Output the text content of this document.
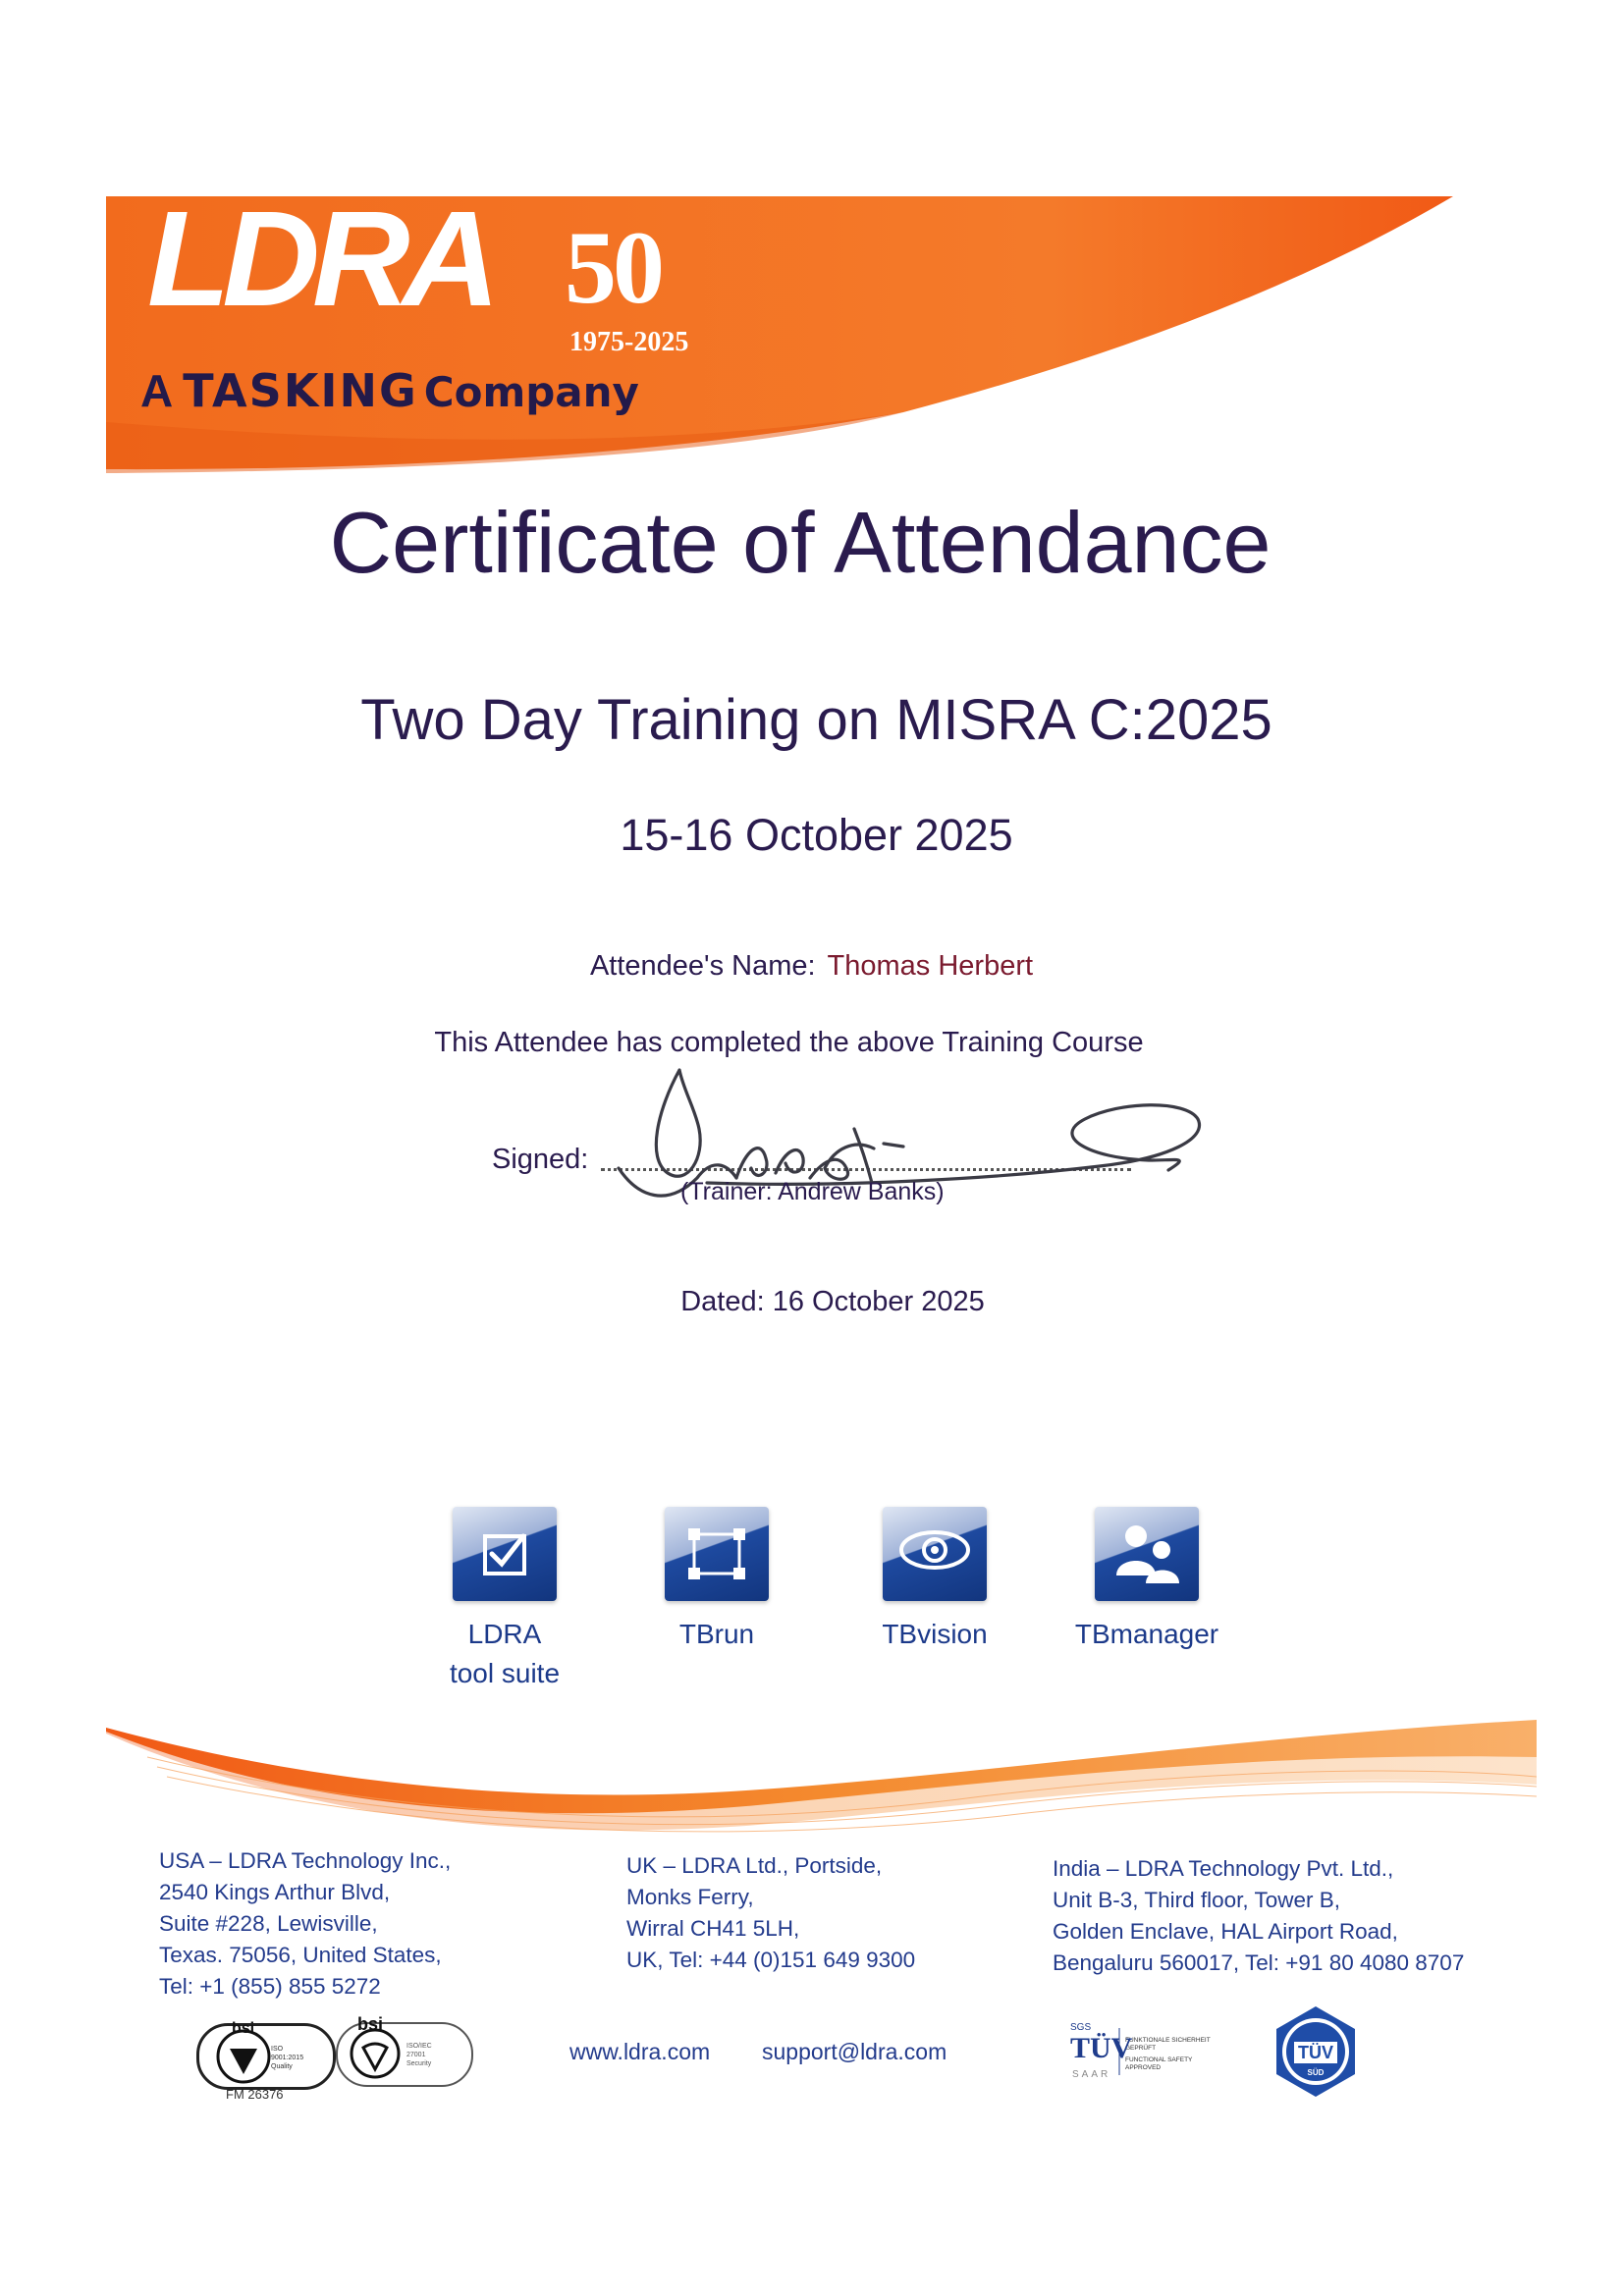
LDRA 50
1975-2025
A TASKING Company
Certificate of Attendance
Two Day Training on MISRA C:2025
15-16 October 2025
Attendee's Name: Thomas Herbert
This Attendee has completed the above Training Course
Signed:
(Trainer: Andrew Banks)
Dated: 16 October 2025
LDRA
tool suite
TBrun	TBvision	TBmanager
USA – LDRA Technology Inc.,
2540 Kings Arthur Blvd,
Suite #228, Lewisville,
Texas. 75056, United States,
Tel: +1 (855) 855 5272
UK – LDRA Ltd., Portside,
Monks Ferry,
Wirral CH41 5LH,
UK, Tel: +44 (0)151 649 9300
India – LDRA Technology Pvt. Ltd.,
Unit B-3, Third floor, Tower B,
Golden Enclave, HAL Airport Road,
Bengaluru 560017, Tel: +91 80 4080 8707
www.ldra.com support@ldra.com
bsi
ISO
9001:2015
Quality
FM 26376
bsi
ISO/IEC
27001
Security
SGS
SAAR
FUNKTIONALE SICHERHEIT
GEPRÜFT
FUNCTIONAL SAFETY
APPROVED
TÜV
SÜD
TÜV
